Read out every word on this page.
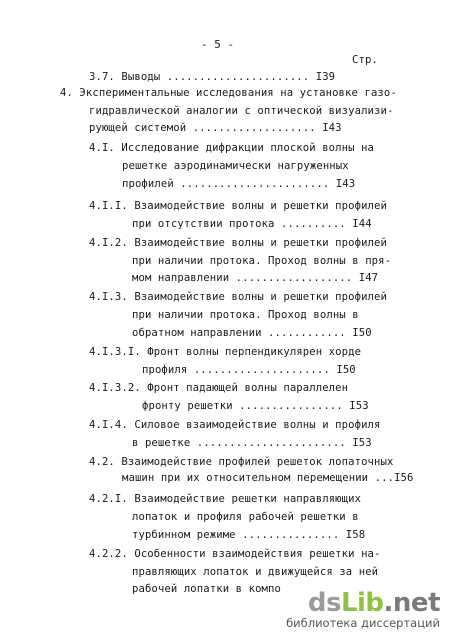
- 5 -
Стр.
3.7. Выводы ...................... I39
4. Экспериментальные исследования на установке газо-
гидравлической аналогии с оптической визуализи-
рующей системой ................... I43
4.I. Исследование дифракции плоской волны на
решетке аэродинамически нагруженных
профилей ....................... I43
4.I.I. Взаимодействие волны и решетки профилей
при отсутствии протока .......... I44
4.I.2. Взаимодействие волны и решетки профилей
при наличии протока. Проход волны в пря-
мом направлении .................. I47
4.I.3. Взаимодействие волны и решетки профилей
при наличии протока. Проход волны в
обратном направлении ............ I50
4.I.3.I. Фронт волны перпендикулярен хорде
профиля ..................... I50
4.I.3.2. Фронт падающей волны параллелен
фронту решетки ................ I53
4.I.4. Силовое взаимодействие волны и профиля
в решетке ....................... I53
4.2. Взаимодействие профилей решеток лопаточных
машин при их относительном перемещении ...I56
4.2.I. Взаимодействие решетки направляющих
лопаток и профиля рабочей решетки в
турбинном режиме ............... I58
4.2.2. Особенности взаимодействия решетки на-
правляющих лопаток и движущейся за ней
рабочей лопатки в компо	dsLib.net
библиотека диссертаций
